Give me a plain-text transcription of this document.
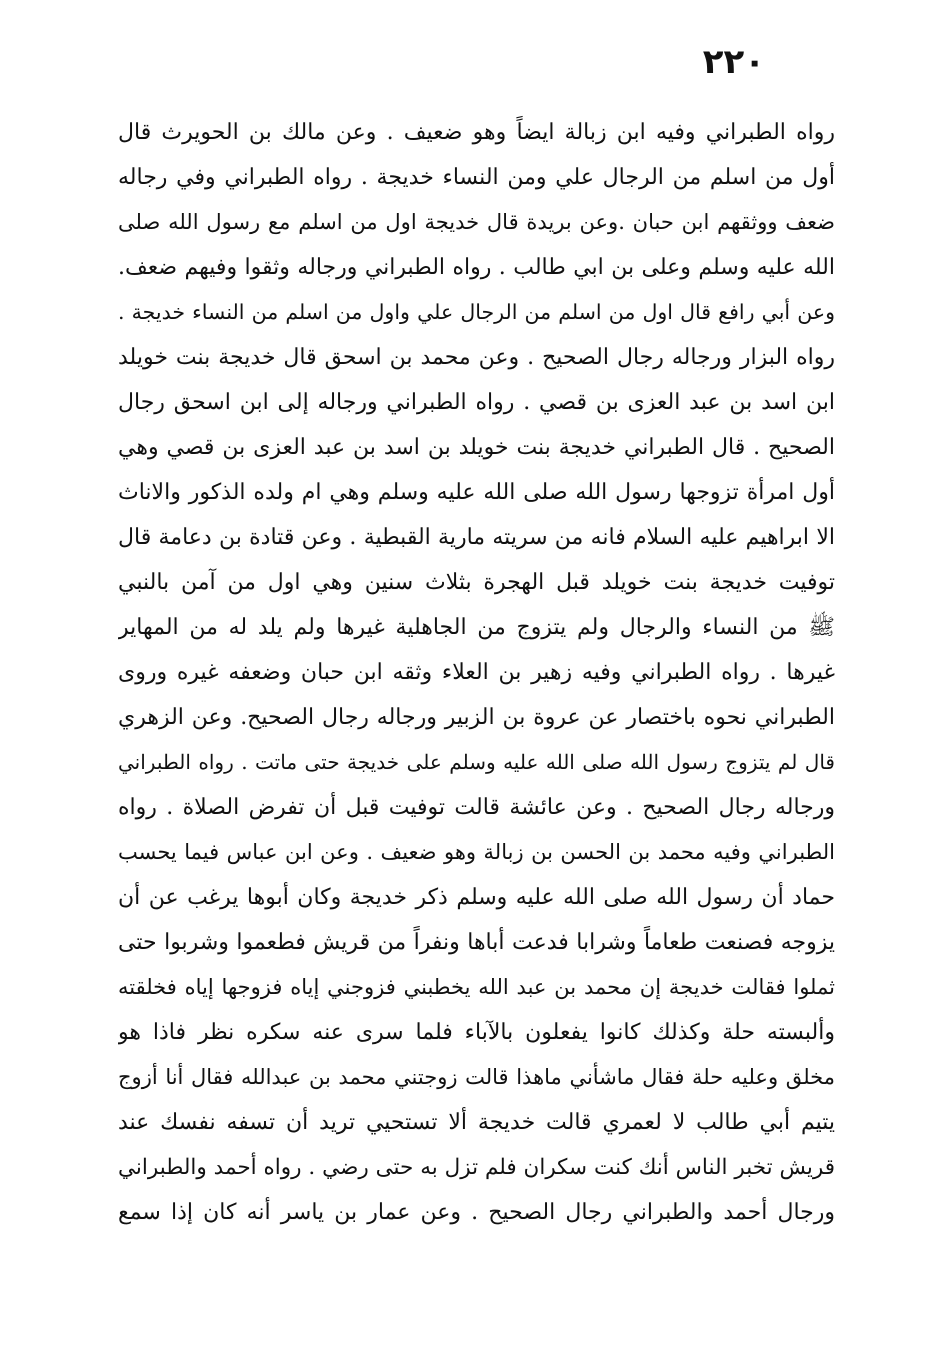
٢٢٠
رواه الطبراني وفيه ابن زبالة ايضاً وهو ضعيف . وعن مالك بن الحويرث قال
أول من اسلم من الرجال علي ومن النساء خديجة . رواه الطبراني وفي رجاله
ضعف ووثقهم ابن حبان .وعن بريدة قال خديجة اول من اسلم مع رسول الله صلى
الله عليه وسلم وعلى بن ابي طالب . رواه الطبراني ورجاله وثقوا وفيهم ضعف.
وعن أبي رافع قال اول من اسلم من الرجال علي واول من اسلم من النساء خديجة .
رواه البزار ورجاله رجال الصحيح . وعن محمد بن اسحق قال خديجة بنت خويلد
ابن اسد بن عبد العزى بن قصي . رواه الطبراني ورجاله إلى ابن اسحق رجال
الصحيح . قال الطبراني خديجة بنت خويلد بن اسد بن عبد العزى بن قصي وهي
أول امرأة تزوجها رسول الله صلى الله عليه وسلم وهي ام ولده الذكور والاناث
الا ابراهيم عليه السلام فانه من سريته مارية القبطية . وعن قتادة بن دعامة قال
توفيت خديجة بنت خويلد قبل الهجرة بثلاث سنين وهي اول من آمن بالنبي
ﷺ من النساء والرجال ولم يتزوج من الجاهلية غيرها ولم يلد له من المهاير
غيرها . رواه الطبراني وفيه زهير بن العلاء وثقه ابن حبان وضعفه غيره وروى
الطبراني نحوه باختصار عن عروة بن الزبير ورجاله رجال الصحيح. وعن الزهري
قال لم يتزوج رسول الله صلى الله عليه وسلم على خديجة حتى ماتت . رواه الطبراني
ورجاله رجال الصحيح . وعن عائشة قالت توفيت قبل أن تفرض الصلاة . رواه
الطبراني وفيه محمد بن الحسن بن زبالة وهو ضعيف . وعن ابن عباس فيما يحسب
حماد أن رسول الله صلى الله عليه وسلم ذكر خديجة وكان أبوها يرغب عن أن
يزوجه فصنعت طعاماً وشرابا فدعت أباها ونفراً من قريش فطعموا وشربوا حتى
ثملوا فقالت خديجة إن محمد بن عبد الله يخطبني فزوجني إياه فزوجها إياه فخلقته
وألبسته حلة وكذلك كانوا يفعلون بالآباء فلما سرى عنه سكره نظر فاذا هو
مخلق وعليه حلة فقال ماشأني ماهذا قالت زوجتني محمد بن عبدالله فقال أنا أزوج
يتيم أبي طالب لا لعمري قالت خديجة ألا تستحيي تريد أن تسفه نفسك عند
قريش تخبر الناس أنك كنت سكران فلم تزل به حتى رضي . رواه أحمد والطبراني
ورجال أحمد والطبراني رجال الصحيح . وعن عمار بن ياسر أنه كان إذا سمع
